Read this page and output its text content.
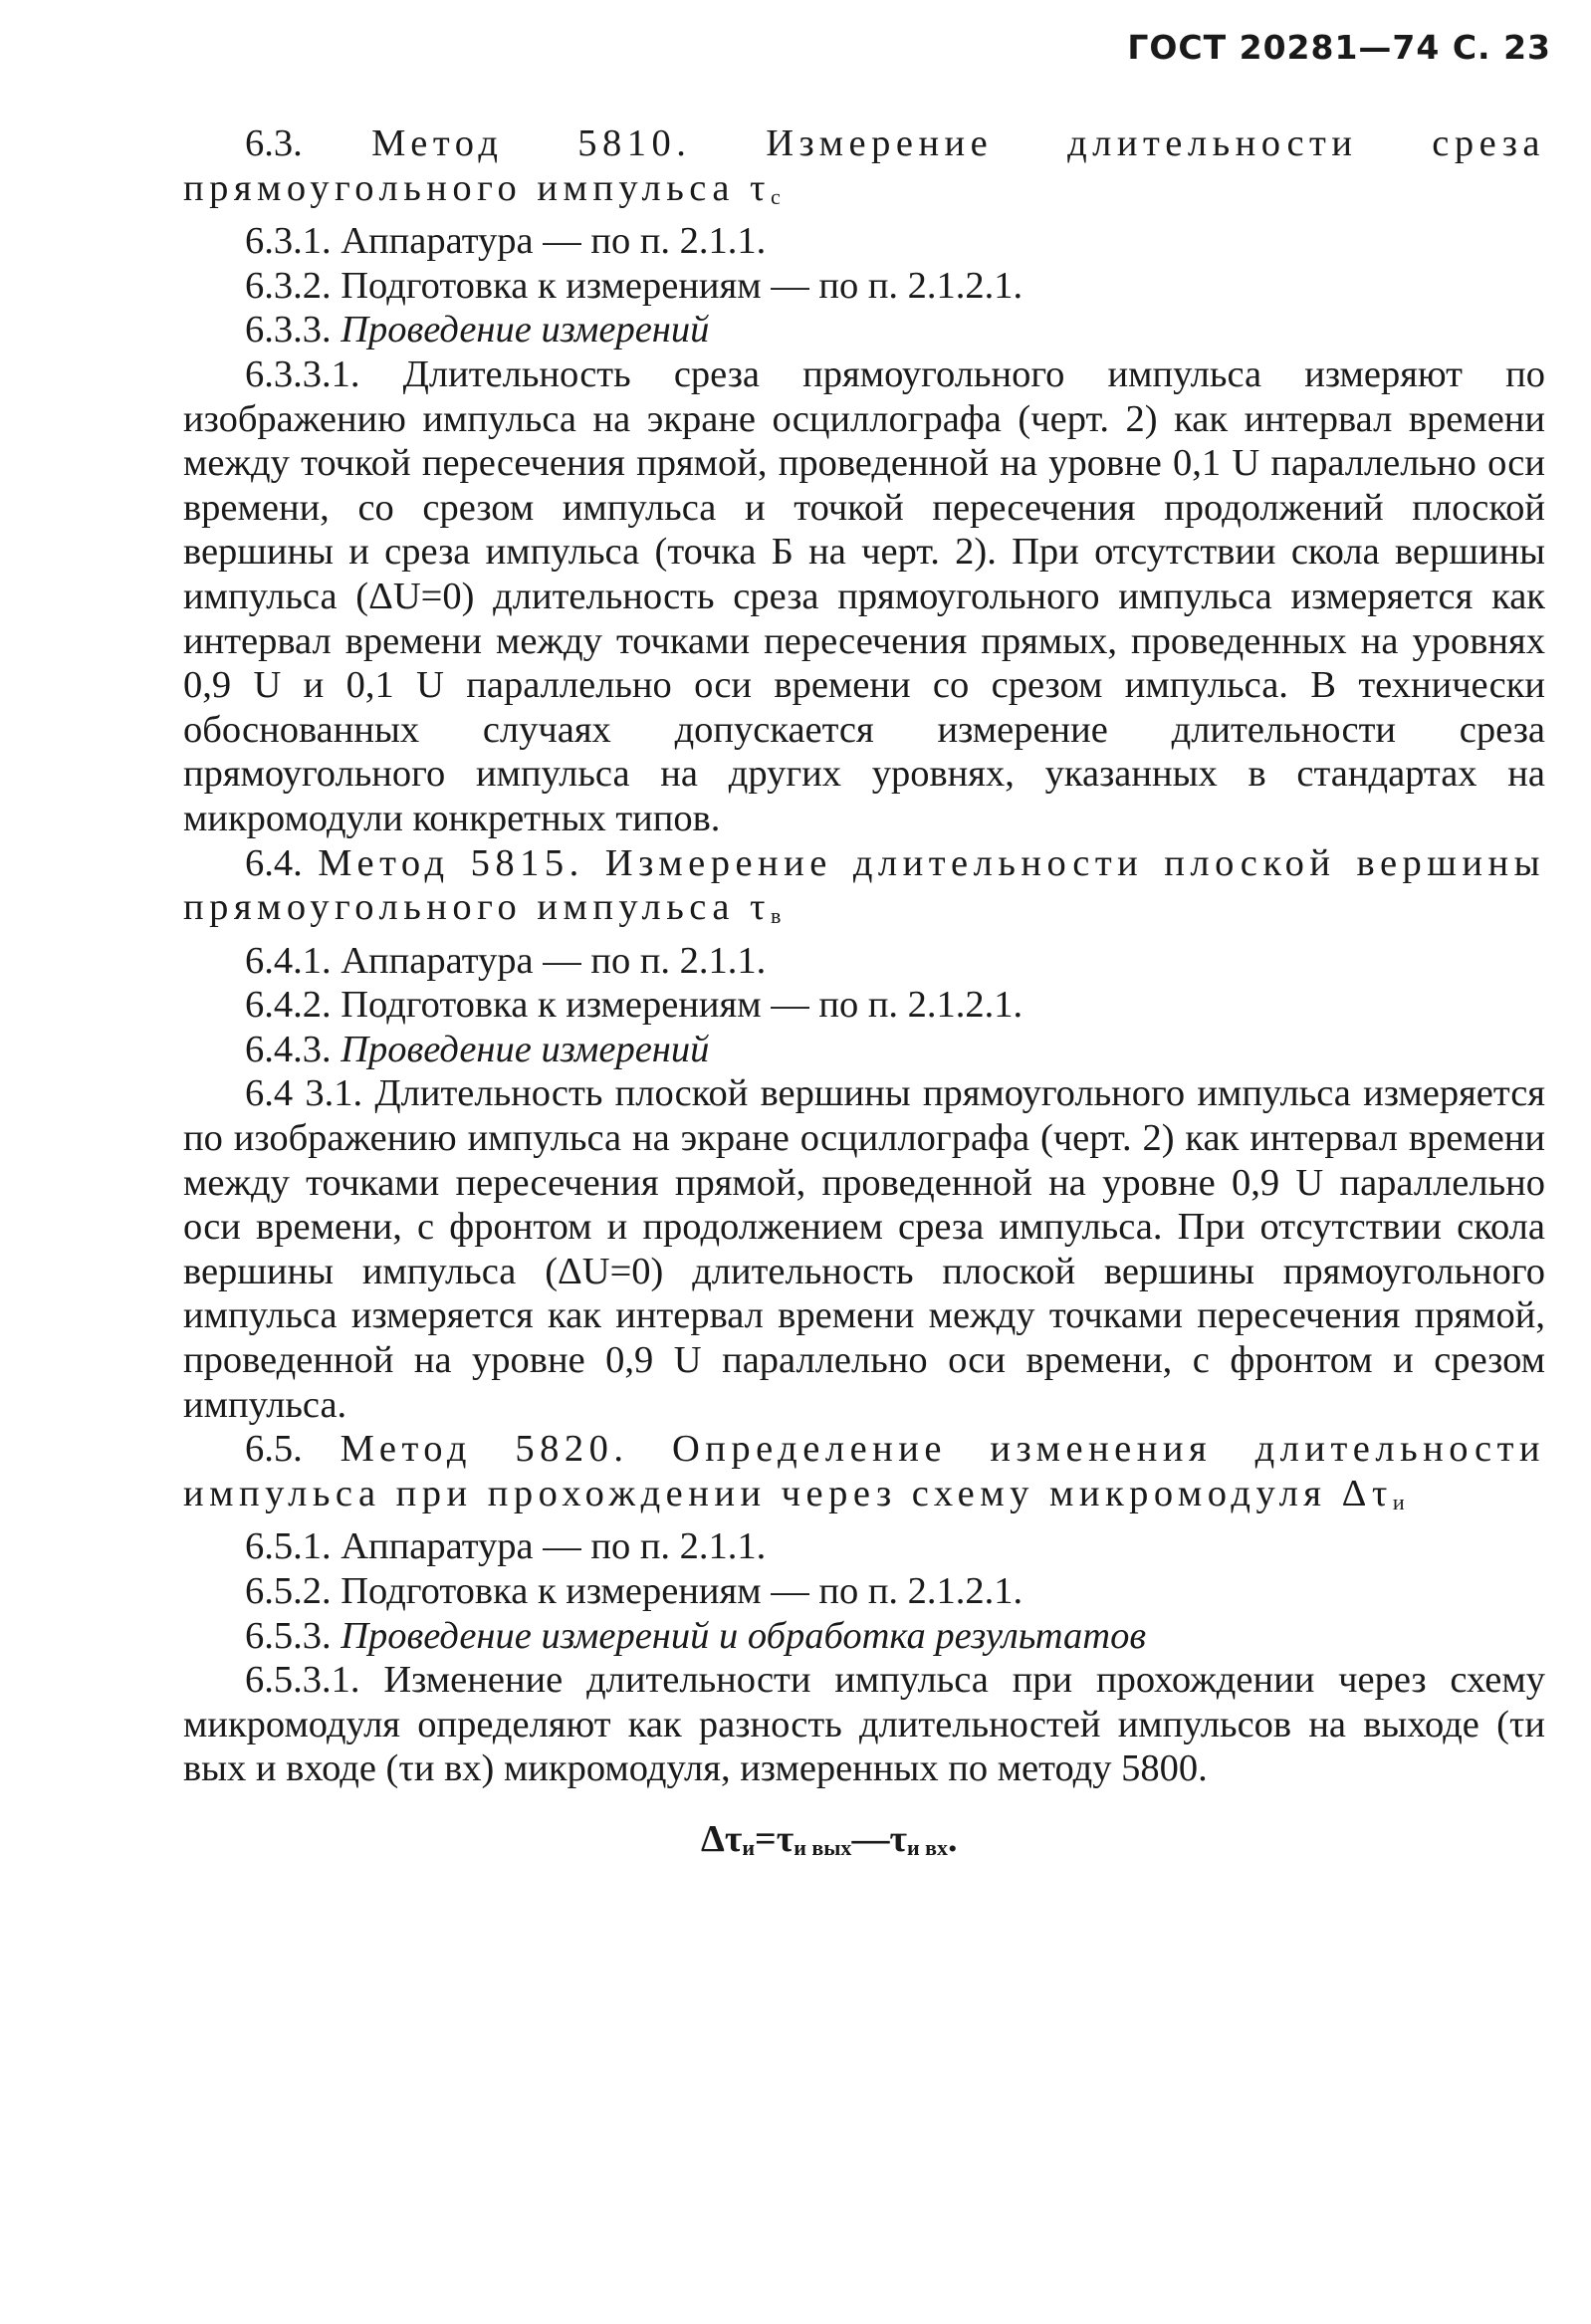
ГОСТ 20281—74 С. 23

6.3. Метод 5810. Измерение длительности среза прямоугольного импульса τс

6.3.1. Аппаратура — по п. 2.1.1.

6.3.2. Подготовка к измерениям — по п. 2.1.2.1.

6.3.3. Проведение измерений

6.3.3.1. Длительность среза прямоугольного импульса измеряют по изображению импульса на экране осциллографа (черт. 2) как интервал времени между точкой пересечения прямой, проведенной на уровне 0,1 U параллельно оси времени, со срезом импульса и точкой пересечения продолжений плоской вершины и среза импульса (точка Б на черт. 2). При отсутствии скола вершины импульса (ΔU=0) длительность среза прямоугольного импульса измеряется как интервал времени между точками пересечения прямых, проведенных на уровнях 0,9 U и 0,1 U параллельно оси времени со срезом импульса. В технически обоснованных случаях допускается измерение длительности среза прямоугольного импульса на других уровнях, указанных в стандартах на микромодули конкретных типов.

6.4. Метод 5815. Измерение длительности плоской вершины прямоугольного импульса τв

6.4.1. Аппаратура — по п. 2.1.1.

6.4.2. Подготовка к измерениям — по п. 2.1.2.1.

6.4.3. Проведение измерений

6.4 3.1. Длительность плоской вершины прямоугольного импульса измеряется по изображению импульса на экране осциллографа (черт. 2) как интервал времени между точками пересечения прямой, проведенной на уровне 0,9 U параллельно оси времени, с фронтом и продолжением среза импульса. При отсутствии скола вершины импульса (ΔU=0) длительность плоской вершины прямоугольного импульса измеряется как интервал времени между точками пересечения прямой, проведенной на уровне 0,9 U параллельно оси времени, с фронтом и срезом импульса.

6.5. Метод 5820. Определение изменения длительности импульса при прохождении через схему микромодуля Δτи

6.5.1. Аппаратура — по п. 2.1.1.

6.5.2. Подготовка к измерениям — по п. 2.1.2.1.

6.5.3. Проведение измерений и обработка результатов

6.5.3.1. Изменение длительности импульса при прохождении через схему микромодуля определяют как разность длительностей импульсов на выходе (τи вых и входе (τи вх) микромодуля, измеренных по методу 5800.

Δτи=τи вых—τи вх.
